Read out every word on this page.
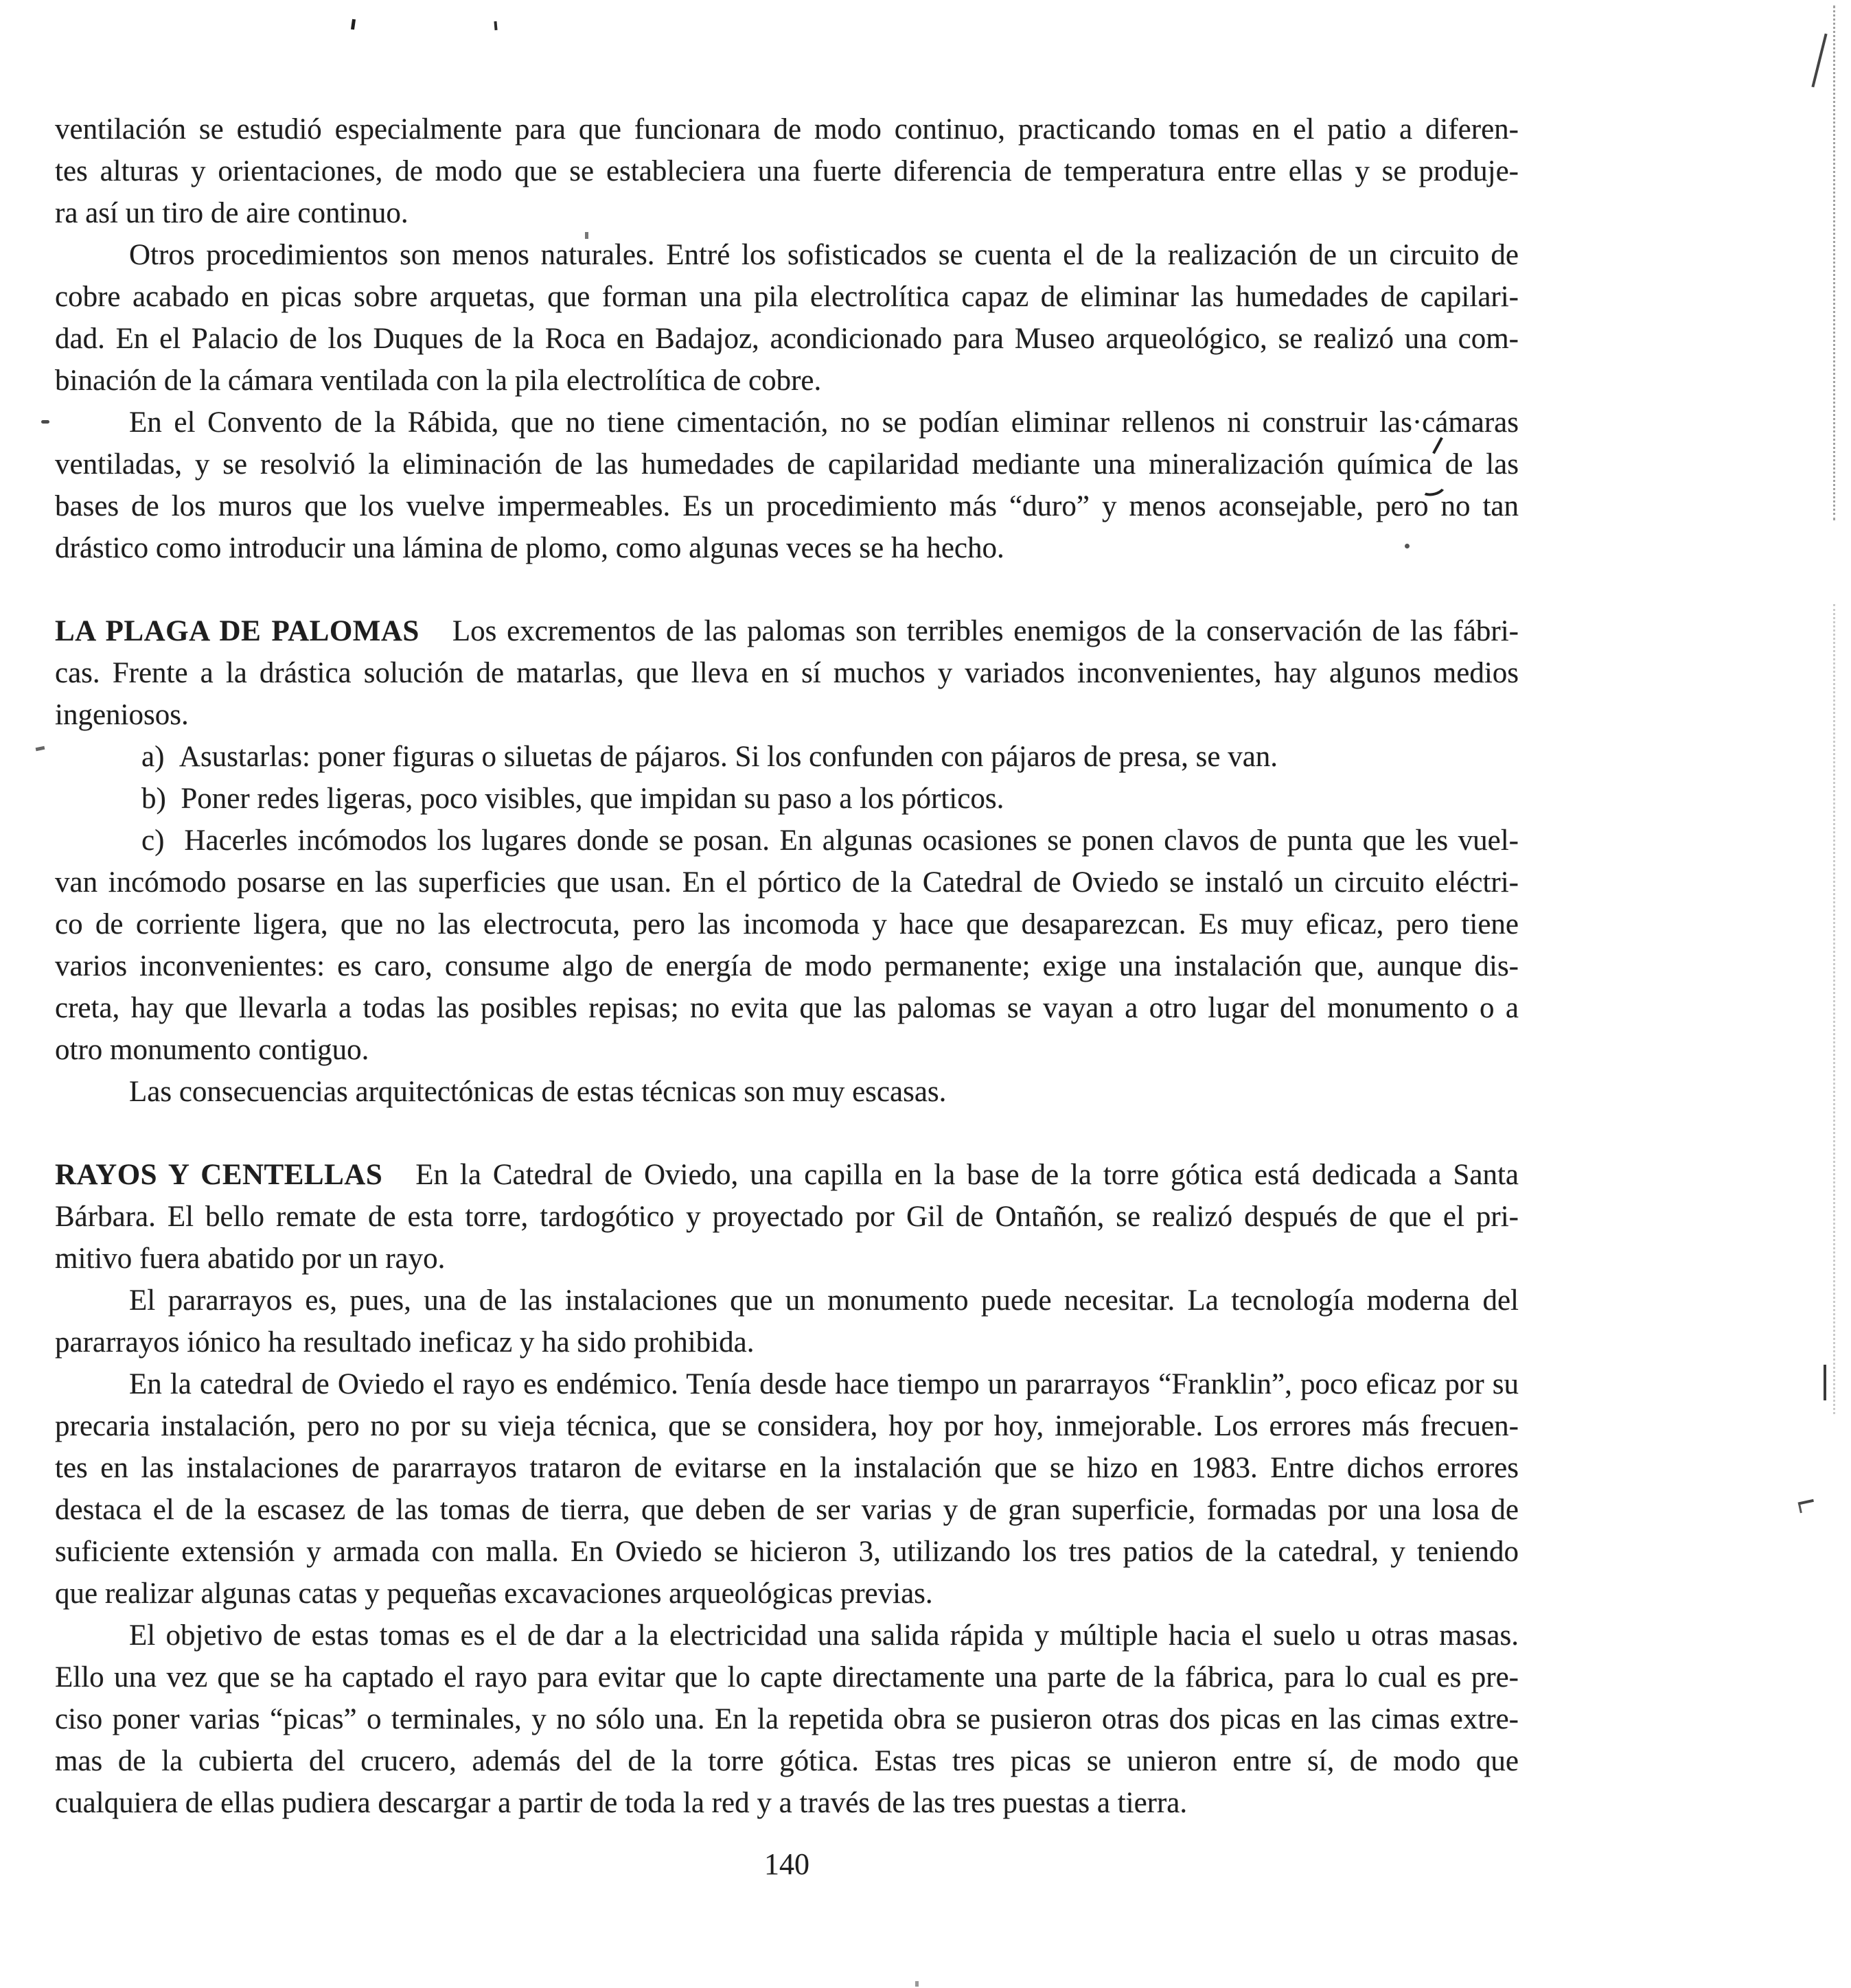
ventilación se estudió especialmente para que funcionara de modo continuo, practicando tomas en el patio a diferen-
tes alturas y orientaciones, de modo que se estableciera una fuerte diferencia de temperatura entre ellas y se produje-
ra así un tiro de aire continuo.
Otros procedimientos son menos naturales. Entré los sofisticados se cuenta el de la realización de un circuito de
cobre acabado en picas sobre arquetas, que forman una pila electrolítica capaz de eliminar las humedades de capilari-
dad. En el Palacio de los Duques de la Roca en Badajoz, acondicionado para Museo arqueológico, se realizó una com-
binación de la cámara ventilada con la pila electrolítica de cobre.
En el Convento de la Rábida, que no tiene cimentación, no se podían eliminar rellenos ni construir las·cámaras
ventiladas, y se resolvió la eliminación de las humedades de capilaridad mediante una mineralización química de las
bases de los muros que los vuelve impermeables. Es un procedimiento más “duro” y menos aconsejable, pero no tan
drástico como introducir una lámina de plomo, como algunas veces se ha hecho.
LA PLAGA DE PALOMAS Los excrementos de las palomas son terribles enemigos de la conservación de las fábri-
cas. Frente a la drástica solución de matarlas, que lleva en sí muchos y variados inconvenientes, hay algunos medios
ingeniosos.
a)  Asustarlas: poner figuras o siluetas de pájaros. Si los confunden con pájaros de presa, se van.
b)  Poner redes ligeras, poco visibles, que impidan su paso a los pórticos.
c)  Hacerles incómodos los lugares donde se posan. En algunas ocasiones se ponen clavos de punta que les vuel-
van incómodo posarse en las superficies que usan. En el pórtico de la Catedral de Oviedo se instaló un circuito eléctri-
co de corriente ligera, que no las electrocuta, pero las incomoda y hace que desaparezcan. Es muy eficaz, pero tiene
varios inconvenientes: es caro, consume algo de energía de modo permanente; exige una instalación que, aunque dis-
creta, hay que llevarla a todas las posibles repisas; no evita que las palomas se vayan a otro lugar del monumento o a
otro monumento contiguo.
Las consecuencias arquitectónicas de estas técnicas son muy escasas.
RAYOS Y CENTELLAS En la Catedral de Oviedo, una capilla en la base de la torre gótica está dedicada a Santa
Bárbara. El bello remate de esta torre, tardogótico y proyectado por Gil de Ontañón, se realizó después de que el pri-
mitivo fuera abatido por un rayo.
El pararrayos es, pues, una de las instalaciones que un monumento puede necesitar. La tecnología moderna del
pararrayos iónico ha resultado ineficaz y ha sido prohibida.
En la catedral de Oviedo el rayo es endémico. Tenía desde hace tiempo un pararrayos “Franklin”, poco eficaz por su
precaria instalación, pero no por su vieja técnica, que se considera, hoy por hoy, inmejorable. Los errores más frecuen-
tes en las instalaciones de pararrayos trataron de evitarse en la instalación que se hizo en 1983. Entre dichos errores
destaca el de la escasez de las tomas de tierra, que deben de ser varias y de gran superficie, formadas por una losa de
suficiente extensión y armada con malla. En Oviedo se hicieron 3, utilizando los tres patios de la catedral, y teniendo
que realizar algunas catas y pequeñas excavaciones arqueológicas previas.
El objetivo de estas tomas es el de dar a la electricidad una salida rápida y múltiple hacia el suelo u otras masas.
Ello una vez que se ha captado el rayo para evitar que lo capte directamente una parte de la fábrica, para lo cual es pre-
ciso poner varias “picas” o terminales, y no sólo una. En la repetida obra se pusieron otras dos picas en las cimas extre-
mas de la cubierta del crucero, además del de la torre gótica. Estas tres picas se unieron entre sí, de modo que
cualquiera de ellas pudiera descargar a partir de toda la red y a través de las tres puestas a tierra.
140
